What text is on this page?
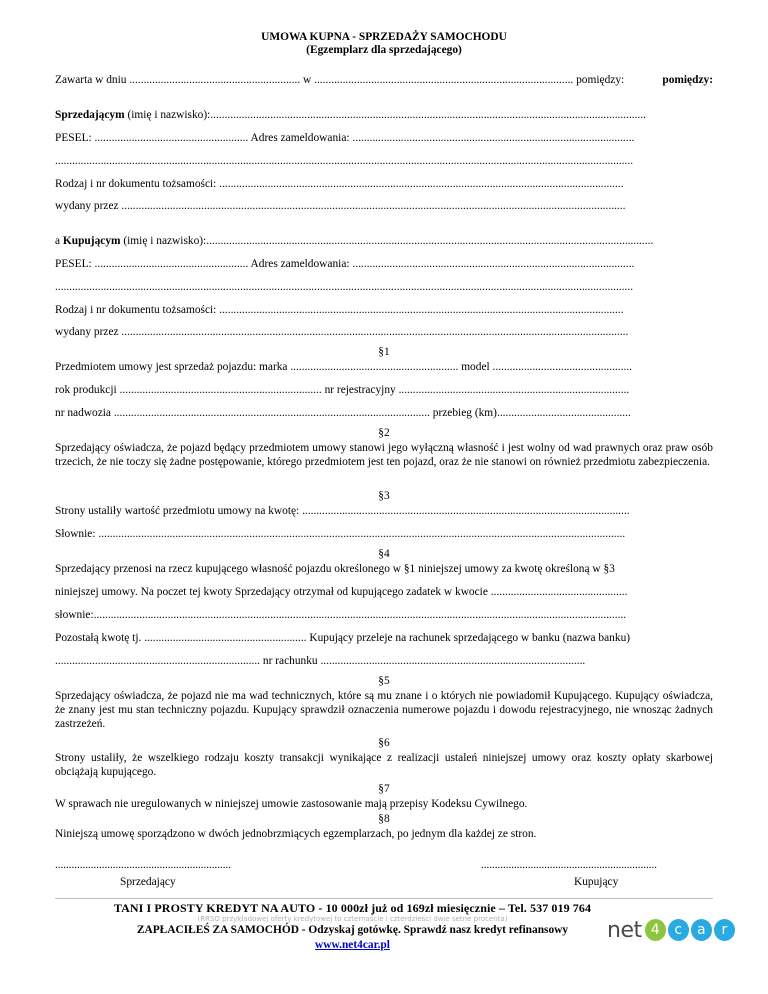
UMOWA KUPNA - SPRZEDAŻY SAMOCHODU
(Egzemplarz dla sprzedającego)
Zawarta w dniu ............................................................ w ........................................................................................... pomiędzy:	pomiędzy:
Sprzedającym (imię i nazwisko):.........................................................................................................................................................
PESEL: ...................................................... Adres zameldowania: ...................................................................................................
...........................................................................................................................................................................................................
Rodzaj i nr dokumentu tożsamości: ..............................................................................................................................................
wydany przez .................................................................................................................................................................................
a Kupującym (imię i nazwisko):.............................................................................................................................................................
PESEL: ...................................................... Adres zameldowania: ...................................................................................................
...........................................................................................................................................................................................................
Rodzaj i nr dokumentu tożsamości: ..............................................................................................................................................
wydany przez ..................................................................................................................................................................................
§1
Przedmiotem umowy jest sprzedaż pojazdu: marka ........................................................... model .................................................
rok produkcji ....................................................................... nr rejestracyjny .................................................................................
nr nadwozia ............................................................................................................... przebieg (km)...............................................
§2
Sprzedający oświadcza, że pojazd będący przedmiotem umowy stanowi jego wyłączną własność i jest wolny od wad prawnych oraz praw osób trzecich, że nie toczy się żadne postępowanie, którego przedmiotem jest ten pojazd, oraz że nie stanowi on również przedmiotu zabezpieczenia.
§3
Strony ustaliły wartość przedmiotu umowy na kwotę: ...................................................................................................................
Słownie: .........................................................................................................................................................................................
§4
Sprzedający przenosi na rzecz kupującego własność pojazdu określonego w §1 niniejszej umowy za kwotę określoną w §3
niniejszej umowy. Na poczet tej kwoty Sprzedający otrzymał od kupującego zadatek w kwocie ................................................
słownie:...........................................................................................................................................................................................
Pozostałą kwotę tj. ......................................................... Kupujący przeleje na rachunek sprzedającego w banku (nazwa banku)
........................................................................ nr rachunku .............................................................................................
§5
Sprzedający oświadcza, że pojazd nie ma wad technicznych, które są mu znane i o których nie powiadomił Kupującego. Kupujący oświadcza, że znany jest mu stan techniczny pojazdu. Kupujący sprawdził oznaczenia numerowe pojazdu i dowodu rejestracyjnego, nie wnosząc żadnych zastrzeżeń.
§6
Strony ustaliły, że wszelkiego rodzaju koszty transakcji wynikające z realizacji ustaleń niniejszej umowy oraz koszty opłaty skarbowej obciążają kupującego.
§7
W sprawach nie uregulowanych w niniejszej umowie zastosowanie mają przepisy Kodeksu Cywilnego.
§8
Niniejszą umowę sporządzono w dwóch jednobrzmiących egzemplarzach, po jednym dla każdej ze stron.
................................................................	................................................................
Sprzedający	Kupujący
TANI I PROSTY KREDYT NA AUTO - 10 000zł już od 169zł miesięcznie – Tel. 537 019 764
(RRSO przykładowej oferty kredytowej to czternaście i czterdzieści dwie setne procenta)
ZAPŁACIŁEŚ ZA SAMOCHÓD - Odzyskaj gotówkę. Sprawdź nasz kredyt refinansowy
www.net4car.pl
net 4	c	a	r
